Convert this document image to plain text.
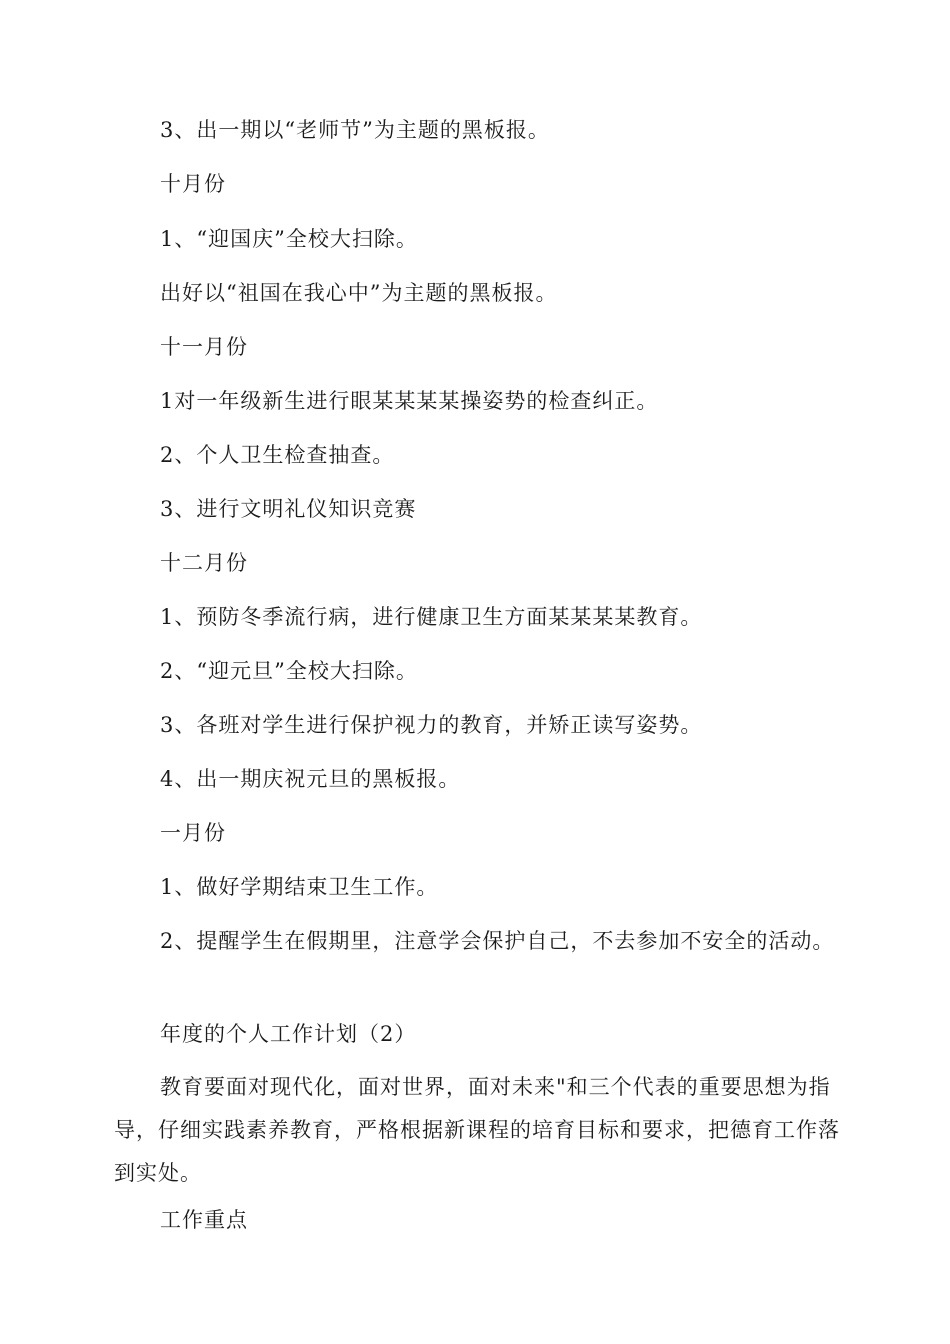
3、出一期以“老师节”为主题的黑板报。

十月份

1、“迎国庆”全校大扫除。

出好以“祖国在我心中”为主题的黑板报。

十一月份

1对一年级新生进行眼某某某某操姿势的检查纠正。

2、个人卫生检查抽查。

3、进行文明礼仪知识竞赛

十二月份

1、预防冬季流行病，进行健康卫生方面某某某某教育。

2、“迎元旦”全校大扫除。

3、各班对学生进行保护视力的教育，并矫正读写姿势。

4、出一期庆祝元旦的黑板报。

一月份

1、做好学期结束卫生工作。

2、提醒学生在假期里，注意学会保护自己，不去参加不安全的活动。

年度的个人工作计划（2）

教育要面对现代化，面对世界，面对未来"和三个代表的重要思想为指导，仔细实践素养教育，严格根据新课程的培育目标和要求，把德育工作落到实处。

工作重点
